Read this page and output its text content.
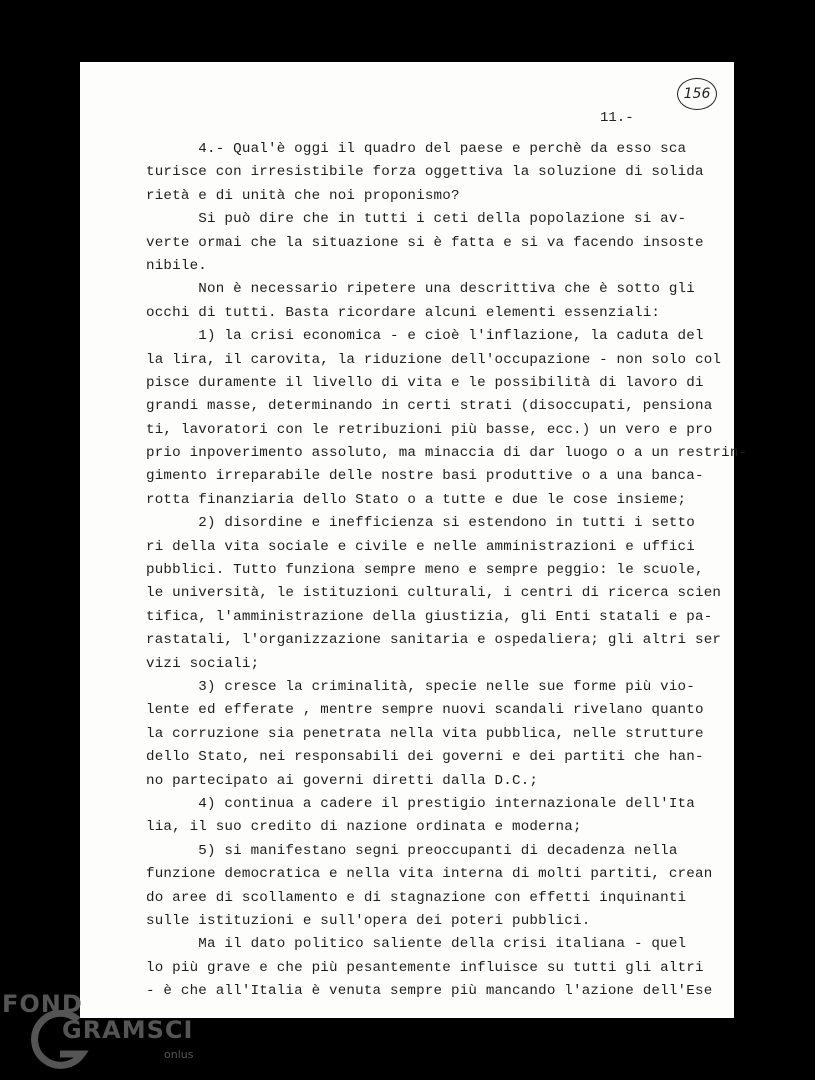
156
11.-
4.- Qual'è oggi il quadro del paese e perchè da esso sca
turisce con irresistibile forza oggettiva la soluzione di solida
rietà e di unità che noi proponismo?
Si può dire che in tutti i ceti della popolazione si av-
verte ormai che la situazione si è fatta e si va facendo insoste
nibile.
Non è necessario ripetere una descrittiva che è sotto gli
occhi di tutti. Basta ricordare alcuni elementi essenziali:
1) la crisi economica - e cioè l'inflazione, la caduta del
la lira, il carovita, la riduzione dell'occupazione - non solo col
pisce duramente il livello di vita e le possibilità di lavoro di
grandi masse, determinando in certi strati (disoccupati, pensiona
ti, lavoratori con le retribuzioni più basse, ecc.) un vero e pro
prio inpoverimento assoluto, ma minaccia di dar luogo o a un restrin-
gimento irreparabile delle nostre basi produttive o a una banca-
rotta finanziaria dello Stato o a tutte e due le cose insieme;
2) disordine e inefficienza si estendono in tutti i setto
ri della vita sociale e civile e nelle amministrazioni e uffici
pubblici. Tutto funziona sempre meno e sempre peggio: le scuole,
le università, le istituzioni culturali, i centri di ricerca scien
tifica, l'amministrazione della giustizia, gli Enti statali e pa-
rastatali, l'organizzazione sanitaria e ospedaliera; gli altri ser
vizi sociali;
3) cresce la criminalità, specie nelle sue forme più vio-
lente ed efferate , mentre sempre nuovi scandali rivelano quanto
la corruzione sia penetrata nella vita pubblica, nelle strutture
dello Stato, nei responsabili dei governi e dei partiti che han-
no partecipato ai governi diretti dalla D.C.;
4) continua a cadere il prestigio internazionale dell'Ita
lia, il suo credito di nazione ordinata e moderna;
5) si manifestano segni preoccupanti di decadenza nella
funzione democratica e nella vita interna di molti partiti, crean
do aree di scollamento e di stagnazione con effetti inquinanti
sulle istituzioni e sull'opera dei poteri pubblici.
Ma il dato politico saliente della crisi italiana - quel
lo più grave e che più pesantemente influisce su tutti gli altri
- è che all'Italia è venuta sempre più mancando l'azione dell'Ese
FOND
GRAMSCI
onlus
